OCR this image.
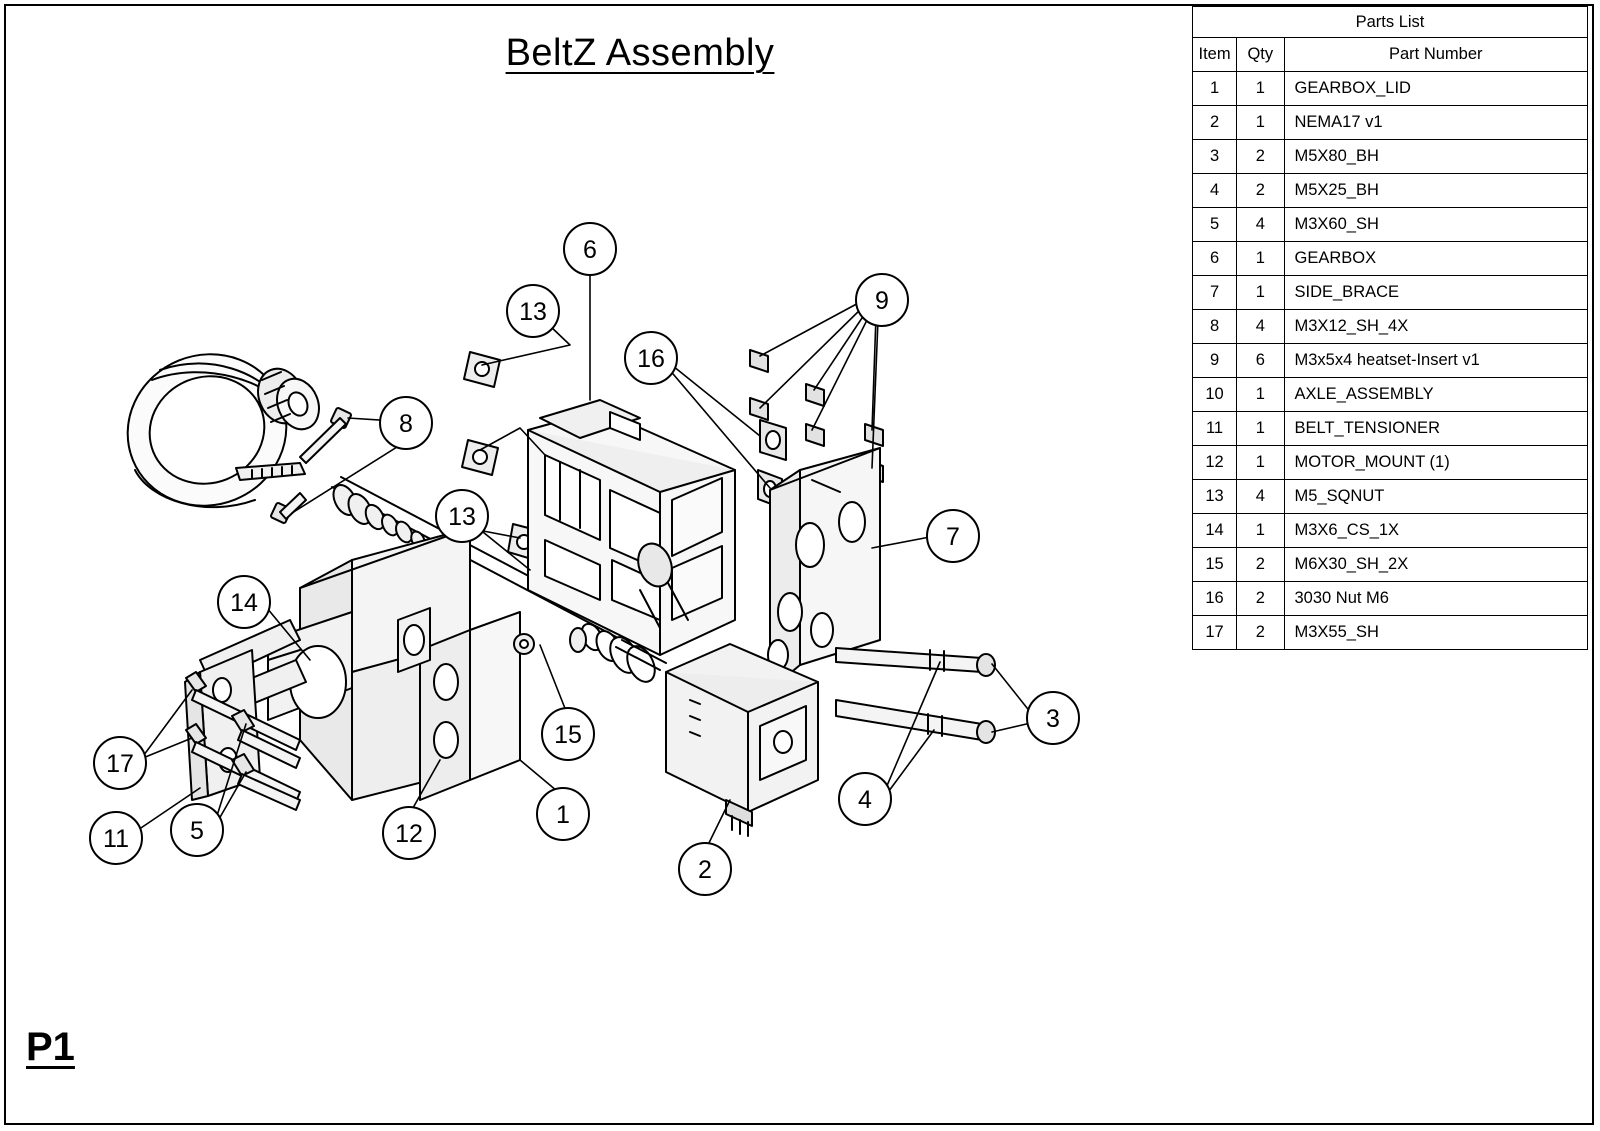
BeltZ Assembly
P1
6
13	9
16
8
13
7
14
3
15
4
17
1
11 5	12
2
Parts List		
Item	Qty	Part Number
1	1	GEARBOX_LID
2	1	NEMA17 v1
3	2	M5X80_BH
4	2	M5X25_BH
5	4	M3X60_SH
6	1	GEARBOX
7	1	SIDE_BRACE
8	4	M3X12_SH_4X
9	6	M3x5x4 heatset-Insert v1
10	1	AXLE_ASSEMBLY
11	1	BELT_TENSIONER
12	1	MOTOR_MOUNT (1)
13	4	M5_SQNUT
14	1	M3X6_CS_1X
15	2	M6X30_SH_2X
16	2	3030 Nut M6
17	2	M3X55_SH
